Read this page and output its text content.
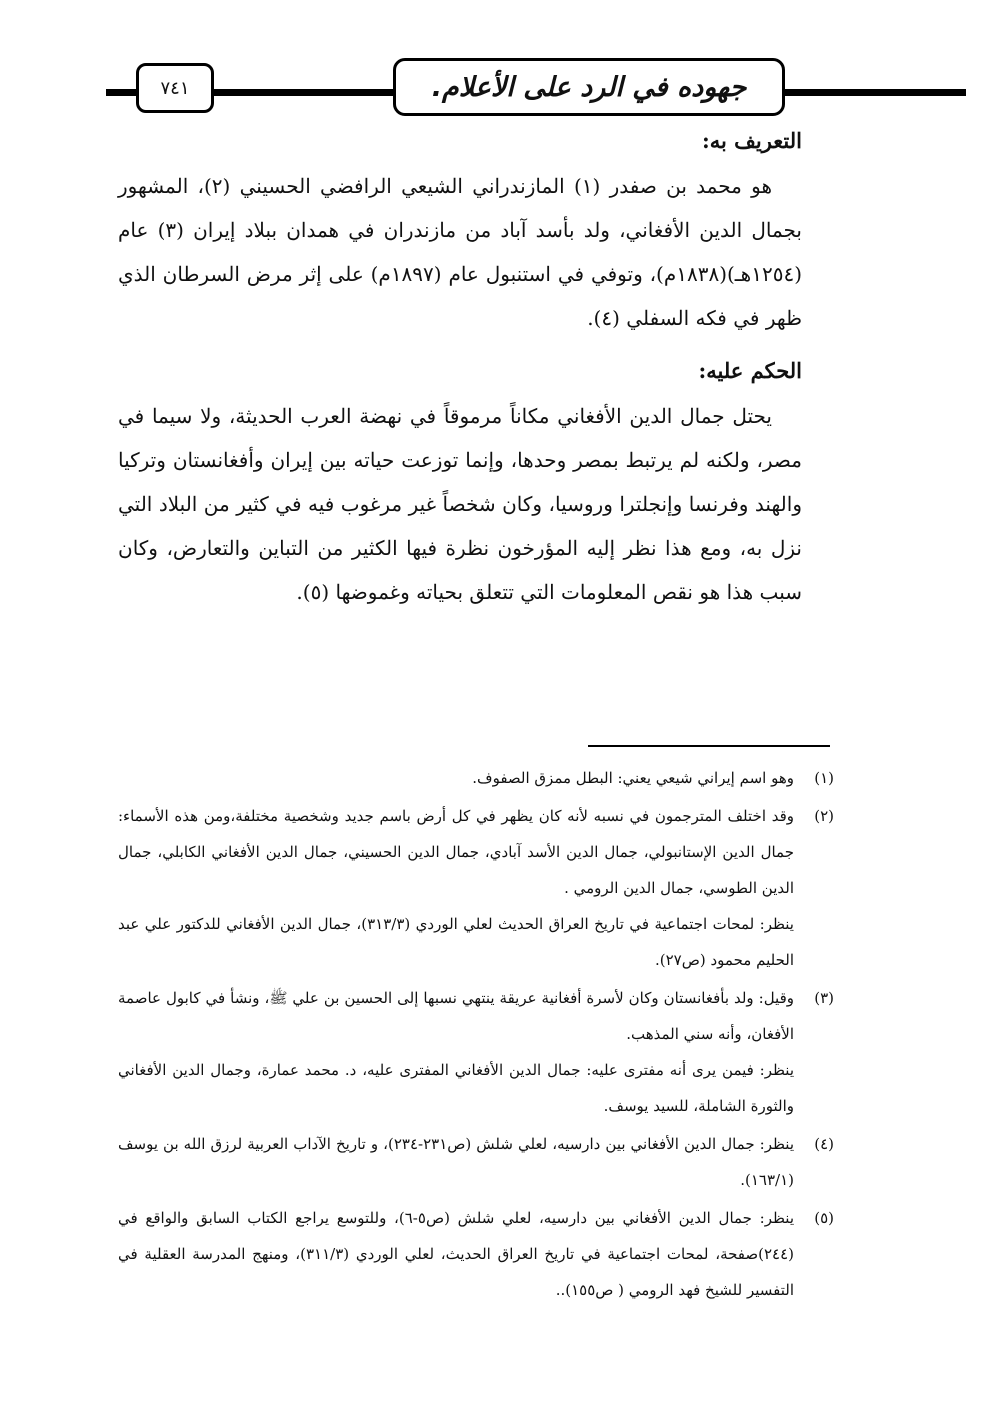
٧٤١	جهوده في الرد على الأعلام.

التعريف به:

هو محمد بن صفدر (١) المازندراني الشيعي الرافضي الحسيني (٢)، المشهور بجمال الدين الأفغاني، ولد بأسد آباد من مازندران في همدان ببلاد إيران (٣) عام (١٢٥٤هـ)(١٨٣٨م)، وتوفي في استنبول عام (١٨٩٧م) على إثر مرض السرطان الذي ظهر في فكه السفلي (٤).

الحكم عليه:

يحتل جمال الدين الأفغاني مكاناً مرموقاً في نهضة العرب الحديثة، ولا سيما في مصر، ولكنه لم يرتبط بمصر وحدها، وإنما توزعت حياته بين إيران وأفغانستان وتركيا والهند وفرنسا وإنجلترا وروسيا، وكان شخصاً غير مرغوب فيه في كثير من البلاد التي نزل به، ومع هذا نظر إليه المؤرخون نظرة فيها الكثير من التباين والتعارض، وكان سبب هذا هو نقص المعلومات التي تتعلق بحياته وغموضها (٥).

(١)
وهو اسم إيراني شيعي يعني: البطل ممزق الصفوف.
(٢)
وقد اختلف المترجمون في نسبه لأنه كان يظهر في كل أرض باسم جديد وشخصية مختلفة،ومن هذه الأسماء: جمال الدين الإستانبولي، جمال الدين الأسد آبادي، جمال الدين الحسيني، جمال الدين الأفغاني الكابلي، جمال الدين الطوسي، جمال الدين الرومي .
ينظر: لمحات اجتماعية في تاريخ العراق الحديث لعلي الوردي (٣١٣/٣)، جمال الدين الأفغاني للدكتور علي عبد الحليم محمود (ص٢٧).
(٣)
وقيل: ولد بأفغانستان وكان لأسرة أفغانية عريقة ينتهي نسبها إلى الحسين بن علي ﷺ، ونشأ في كابول عاصمة الأفغان، وأنه سني المذهب.
ينظر: فيمن يرى أنه مفترى عليه: جمال الدين الأفغاني المفترى عليه، د. محمد عمارة، وجمال الدين الأفغاني والثورة الشاملة، للسيد يوسف.
(٤)
ينظر: جمال الدين الأفغاني بين دارسيه، لعلي شلش (ص٢٣١-٢٣٤)، و تاريخ الآداب العربية لرزق الله بن يوسف (١٦٣/١).
(٥)
ينظر: جمال الدين الأفغاني بين دارسيه، لعلي شلش (ص٥-٦)، وللتوسع يراجع الكتاب السابق والواقع في (٢٤٤)صفحة، لمحات اجتماعية في تاريخ العراق الحديث، لعلي الوردي (٣١١/٣)، ومنهج المدرسة العقلية في التفسير للشيخ فهد الرومي ( ص١٥٥)..
